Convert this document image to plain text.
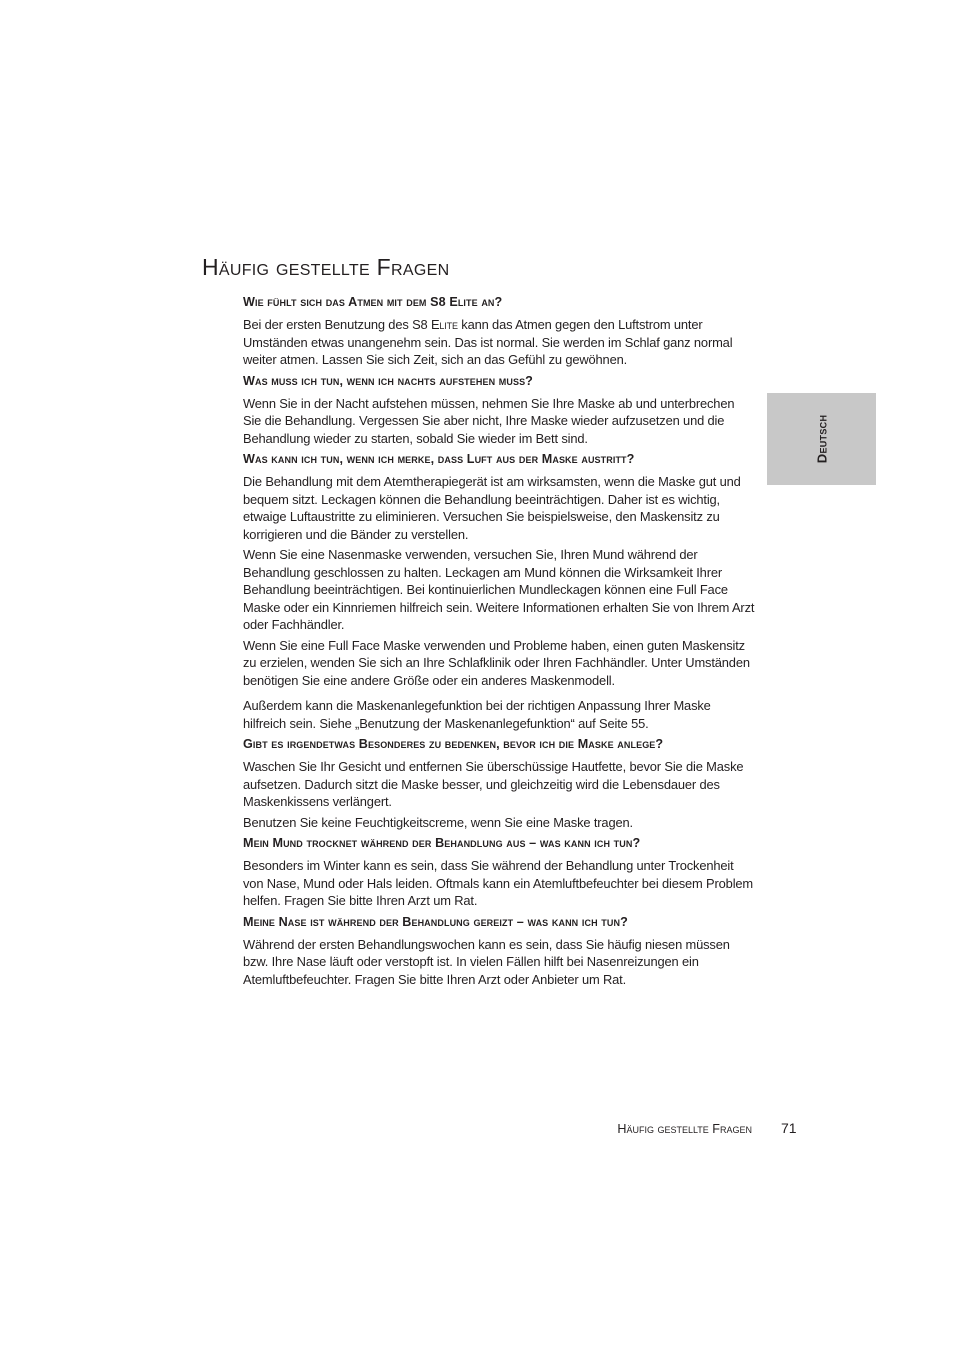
Häufig gestellte Fragen
Wie fühlt sich das Atmen mit dem S8 Elite an?

Bei der ersten Benutzung des S8 Elite kann das Atmen gegen den Luftstrom unter Umständen etwas unangenehm sein. Das ist normal. Sie werden im Schlaf ganz normal weiter atmen. Lassen Sie sich Zeit, sich an das Gefühl zu gewöhnen.

Was muss ich tun, wenn ich nachts aufstehen muss?

Wenn Sie in der Nacht aufstehen müssen, nehmen Sie Ihre Maske ab und unterbrechen Sie die Behandlung. Vergessen Sie aber nicht, Ihre Maske wieder aufzusetzen und die Behandlung wieder zu starten, sobald Sie wieder im Bett sind.

Was kann ich tun, wenn ich merke, dass Luft aus der Maske austritt?

Die Behandlung mit dem Atemtherapiegerät ist am wirksamsten, wenn die Maske gut und bequem sitzt. Leckagen können die Behandlung beeinträchtigen. Daher ist es wichtig, etwaige Luftaustritte zu eliminieren. Versuchen Sie beispielsweise, den Maskensitz zu korrigieren und die Bänder zu verstellen.

Wenn Sie eine Nasenmaske verwenden, versuchen Sie, Ihren Mund während der Behandlung geschlossen zu halten. Leckagen am Mund können die Wirksamkeit Ihrer Behandlung beeinträchtigen. Bei kontinuierlichen Mundleckagen können eine Full Face Maske oder ein Kinnriemen hilfreich sein. Weitere Informationen erhalten Sie von Ihrem Arzt oder Fachhändler.

Wenn Sie eine Full Face Maske verwenden und Probleme haben, einen guten Maskensitz zu erzielen, wenden Sie sich an Ihre Schlafklinik oder Ihren Fachhändler. Unter Umständen benötigen Sie eine andere Größe oder ein anderes Maskenmodell.

Außerdem kann die Maskenanlegefunktion bei der richtigen Anpassung Ihrer Maske hilfreich sein. Siehe „Benutzung der Maskenanlegefunktion“ auf Seite 55.

Gibt es irgendetwas Besonderes zu bedenken, bevor ich die Maske anlege?

Waschen Sie Ihr Gesicht und entfernen Sie überschüssige Hautfette, bevor Sie die Maske aufsetzen. Dadurch sitzt die Maske besser, und gleichzeitig wird die Lebensdauer des Maskenkissens verlängert.

Benutzen Sie keine Feuchtigkeitscreme, wenn Sie eine Maske tragen.

Mein Mund trocknet während der Behandlung aus – was kann ich tun?

Besonders im Winter kann es sein, dass Sie während der Behandlung unter Trockenheit von Nase, Mund oder Hals leiden. Oftmals kann ein Atemluftbefeuchter bei diesem Problem helfen. Fragen Sie bitte Ihren Arzt um Rat.

Meine Nase ist während der Behandlung gereizt – was kann ich tun?

Während der ersten Behandlungswochen kann es sein, dass Sie häufig niesen müssen bzw. Ihre Nase läuft oder verstopft ist. In vielen Fällen hilft bei Nasenreizungen ein Atemluftbefeuchter. Fragen Sie bitte Ihren Arzt oder Anbieter um Rat.

Deutsch
Häufig gestellte Fragen 71
